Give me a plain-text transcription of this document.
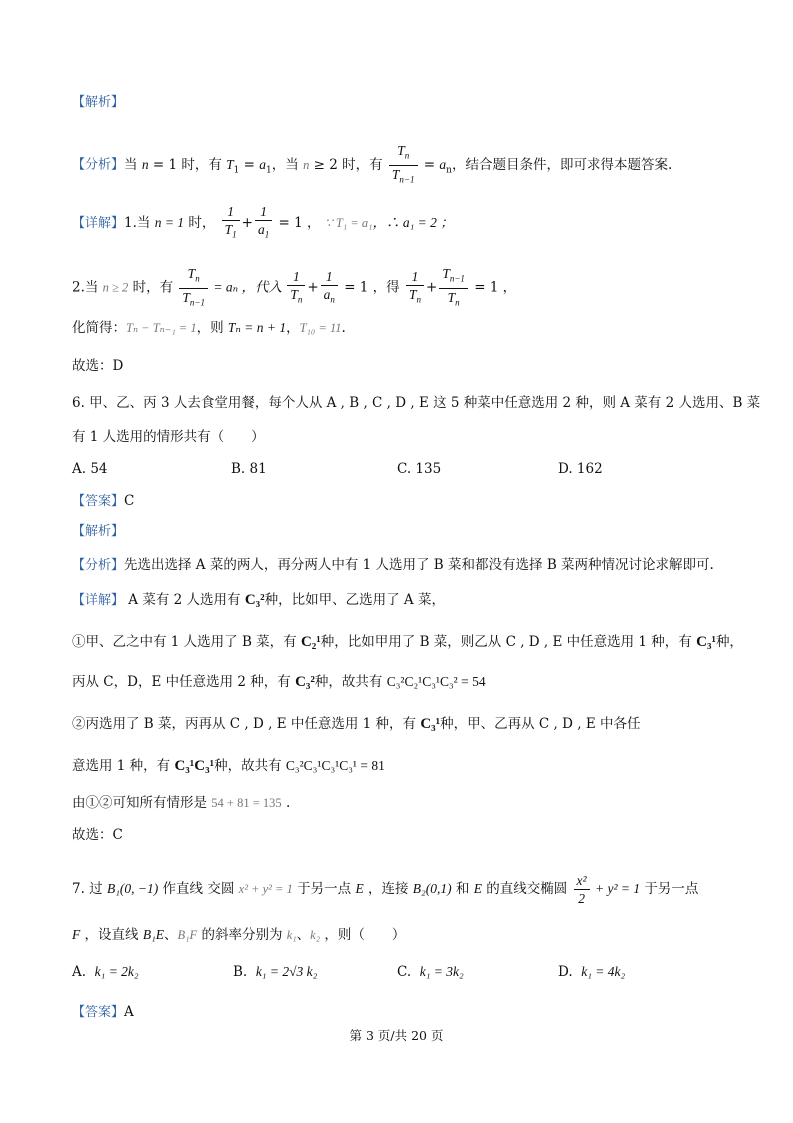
【解析】
【分析】当 n = 1 时，有 $T_1 = a_1$，当 n ≥ 2 时，有 $\frac{T_n}{T_{n-1}} = a_n$，结合题目条件，即可求得本题答案.
【详解】1.当 n = 1 时， $\frac{1}{T_1} + \frac{1}{a_1} = 1$ ， ∵ T₁ = a₁，∴ a₁ = 2 ；
2.当 n ≥ 2 时，有 $\frac{T_n}{T_{n-1}} = a_n$ ，代入 $\frac{1}{T_n} + \frac{1}{a_n} = 1$ ，得 $\frac{1}{T_n} + \frac{T_{n-1}}{T_n} = 1$ ，
化简得：Tₙ − Tₙ₋₁ = 1，则 Tₙ = n + 1，T₁₀ = 11.
故选：D
6. 甲、乙、丙 3 人去食堂用餐，每个人从 A , B , C , D , E 这 5 种菜中任意选用 2 种，则 A 菜有 2 人选用、B 菜
有 1 人选用的情形共有（　　）
A. 54	B. 81	C. 135	D. 162
【答案】C
【解析】
【分析】先选出选择 A 菜的两人，再分两人中有 1 人选用了 B 菜和都没有选择 B 菜两种情况讨论求解即可.
【详解】 A 菜有 2 人选用有 C₃²种，比如甲、乙选用了 A 菜，
①甲、乙之中有 1 人选用了 B 菜，有 C₂¹种，比如甲用了 B 菜，则乙从 C , D , E 中任意选用 1 种，有 C₃¹种，
丙从 C，D，E 中任意选用 2 种，有 C₃²种，故共有 C₃²C₂¹C₃¹C₃² = 54
②丙选用了 B 菜，丙再从 C , D , E 中任意选用 1 种，有 C₃¹种，甲、乙再从 C , D , E 中各任
意选用 1 种，有 C₃¹C₃¹种，故共有 C₃²C₃¹C₃¹C₃¹ = 81
由①②可知所有情形是 54 + 81 = 135 .
故选：C
7. 过 B₁(0, −1) 作直线 交圆 x² + y² = 1 于另一点 E ，连接 B₂(0,1) 和 E 的直线交椭圆 $\frac{\text{x²}}{2} + y^2 = 1$ 于另一点
F ，设直线 B₁E、B₁F 的斜率分别为 k₁、k₂ ，则（　　）
A. k₁ = 2k₂	B. k₁ = 2√3 k₂	C. k₁ = 3k₂	D. k₁ = 4k₂
【答案】A
第 3 页/共 20 页
